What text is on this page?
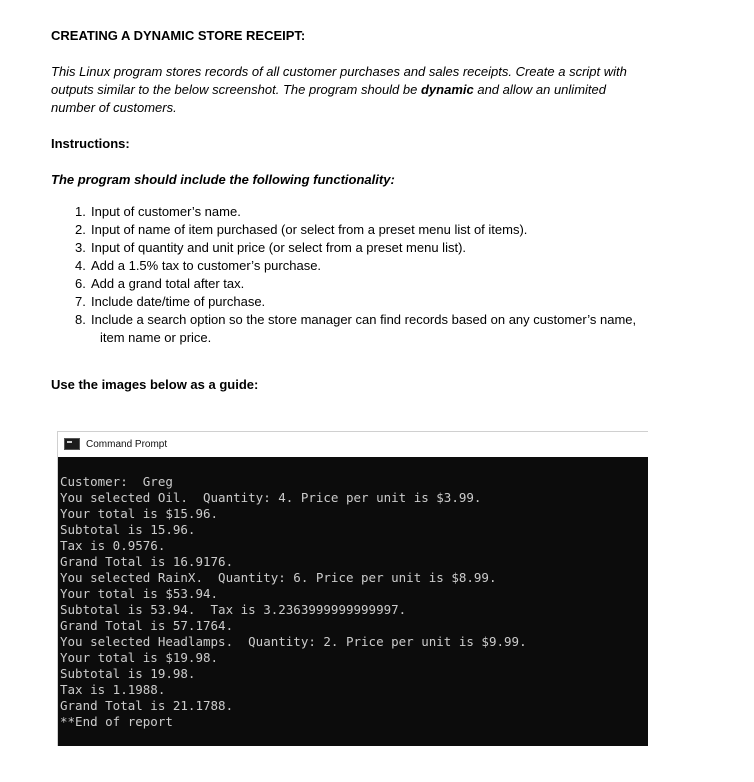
CREATING A DYNAMIC STORE RECEIPT:
This Linux program stores records of all customer purchases and sales receipts. Create a script with outputs similar to the below screenshot. The program should be dynamic and allow an unlimited number of customers.
Instructions:
The program should include the following functionality:
1. Input of customer’s name.
2. Input of name of item purchased (or select from a preset menu list of items).
3. Input of quantity and unit price (or select from a preset menu list).
4. Add a 1.5% tax to customer’s purchase.
6. Add a grand total after tax.
7. Include date/time of purchase.
8. Include a search option so the store manager can find records based on any customer’s name,
item name or price.
Use the images below as a guide:
Command Prompt
Customer:  Greg
You selected Oil.  Quantity: 4. Price per unit is $3.99.
Your total is $15.96.
Subtotal is 15.96.
Tax is 0.9576.
Grand Total is 16.9176.
You selected RainX.  Quantity: 6. Price per unit is $8.99.
Your total is $53.94.
Subtotal is 53.94.  Tax is 3.2363999999999997.
Grand Total is 57.1764.
You selected Headlamps.  Quantity: 2. Price per unit is $9.99.
Your total is $19.98.
Subtotal is 19.98.
Tax is 1.1988.
Grand Total is 21.1788.
**End of report
